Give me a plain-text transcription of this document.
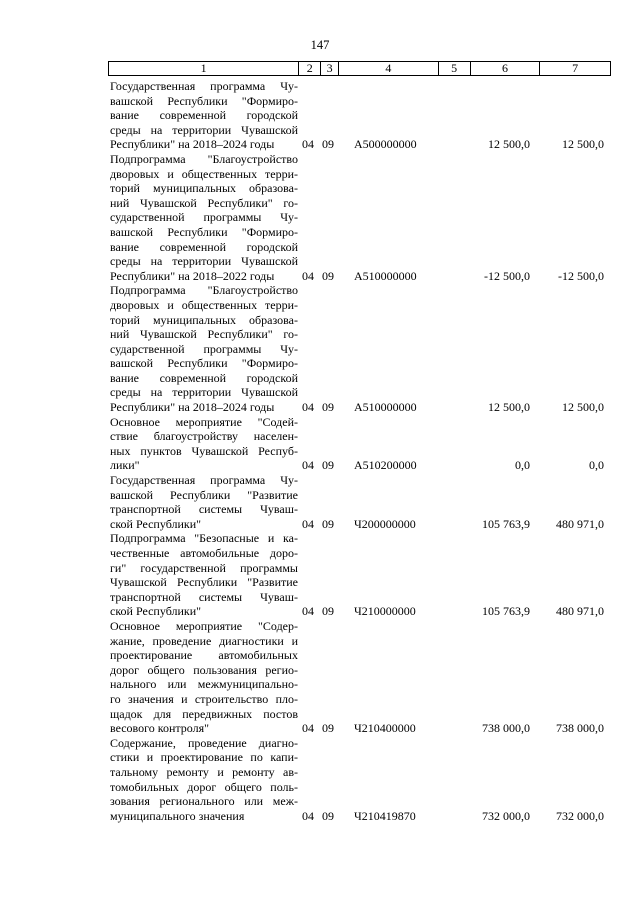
147
1	2	3	4	5	6	7
Государственная программа Чу-
вашской Республики "Формиро-
вание современной городской
среды на территории Чувашской
Республики" на 2018–2024 годы	04 09 А500000000	12 500,0	12 500,0
Подпрограмма "Благоустройство
дворовых и общественных терри-
торий муниципальных образова-
ний Чувашской Республики" го-
сударственной программы Чу-
вашской Республики "Формиро-
вание современной городской
среды на территории Чувашской
Республики" на 2018–2022 годы	04 09 А510000000	-12 500,0 -12 500,0
Подпрограмма "Благоустройство
дворовых и общественных терри-
торий муниципальных образова-
ний Чувашской Республики" го-
сударственной программы Чу-
вашской Республики "Формиро-
вание современной городской
среды на территории Чувашской
Республики" на 2018–2024 годы	04 09 А510000000	12 500,0	12 500,0
Основное мероприятие "Содей-
ствие благоустройству населен-
ных пунктов Чувашской Респуб-
лики"	04 09 А510200000	0,0	0,0
Государственная программа Чу-
вашской Республики "Развитие
транспортной системы Чуваш-
ской Республики"	04 09 Ч200000000	105 763,9 480 971,0
Подпрограмма "Безопасные и ка-
чественные автомобильные доро-
ги" государственной программы
Чувашской Республики "Развитие
транспортной системы Чуваш-
ской Республики"	04 09 Ч210000000	105 763,9 480 971,0
Основное мероприятие "Содер-
жание, проведение диагностики и
проектирование автомобильных
дорог общего пользования регио-
нального или межмуниципально-
го значения и строительство пло-
щадок для передвижных постов
весового контроля"	04 09 Ч210400000	738 000,0 738 000,0
Содержание, проведение диагно-
стики и проектирование по капи-
тальному ремонту и ремонту ав-
томобильных дорог общего поль-
зования регионального или меж-
муниципального значения	04 09 Ч210419870	732 000,0 732 000,0
